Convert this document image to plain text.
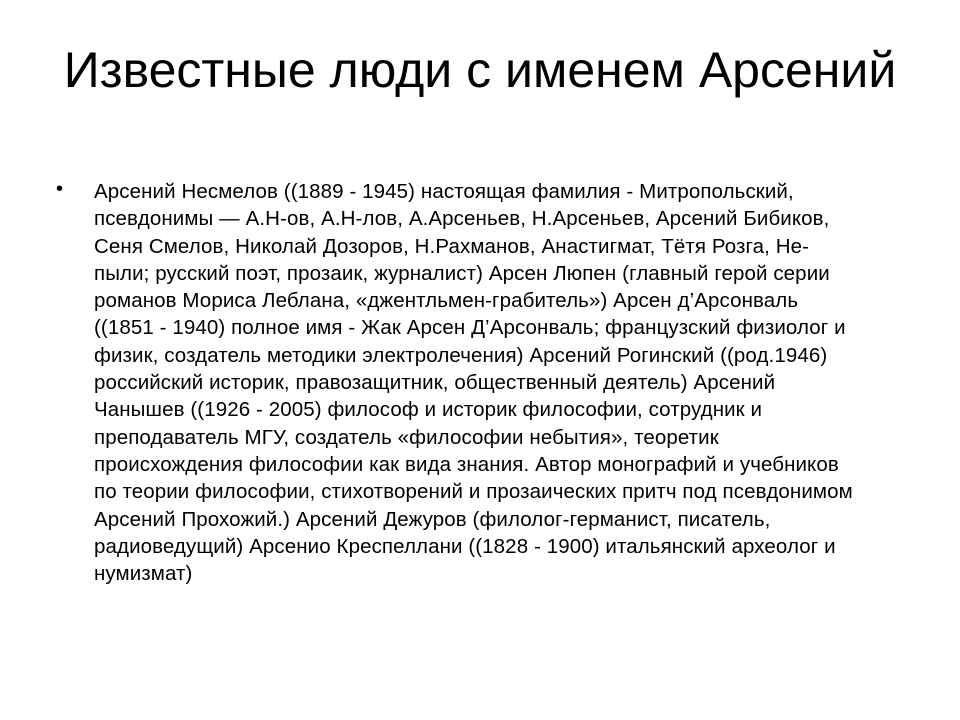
Известные люди с именем Арсений
• Арсений Несмелов ((1889 - 1945) настоящая фамилия - Митропольский, псевдонимы — А.Н-ов, А.Н-лов, А.Арсеньев, Н.Арсеньев, Арсений Бибиков, Сеня Смелов, Николай Дозоров, Н.Рахманов, Анастигмат, Тётя Розга, Не-пыли; русский поэт, прозаик, журналист) Арсен Люпен (главный герой серии романов Мориса Леблана, «джентльмен-грабитель») Арсен д’Арсонваль ((1851 - 1940) полное имя - Жак Арсен Д’Арсонваль; французский физиолог и физик, создатель методики электролечения) Арсений Рогинский ((род.1946) российский историк, правозащитник, общественный деятель) Арсений Чанышев ((1926 - 2005) философ и историк философии, сотрудник и преподаватель МГУ, создатель «философии небытия», теоретик происхождения философии как вида знания. Автор монографий и учебников по теории философии, стихотворений и прозаических притч под псевдонимом Арсений Прохожий.) Арсений Дежуров (филолог-германист, писатель, радиоведущий) Арсенио Креспеллани ((1828 - 1900) итальянский археолог и нумизмат)
